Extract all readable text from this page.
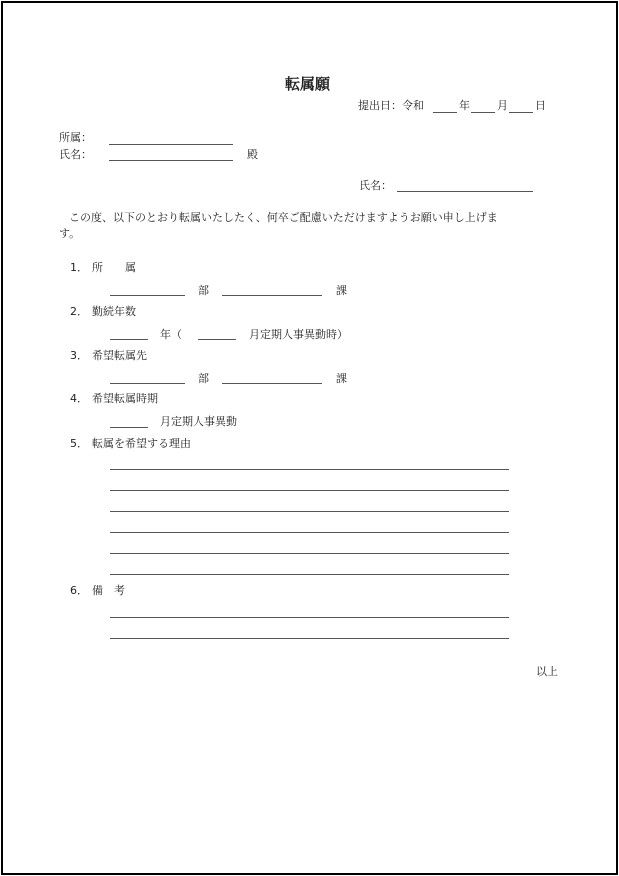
転属願
提出日：令和	年 月 日
所属：
氏名：	殿
氏名：
この度、以下のとおり転属いたしたく、何卒ご配慮いただけますようお願い申し上げま
す。
1． 所　　属
部	課
2． 勤続年数
年（	月定期人事異動時）
3． 希望転属先
部	課
4． 希望転属時期
月定期人事異動
5． 転属を希望する理由
6． 備　考
以上
